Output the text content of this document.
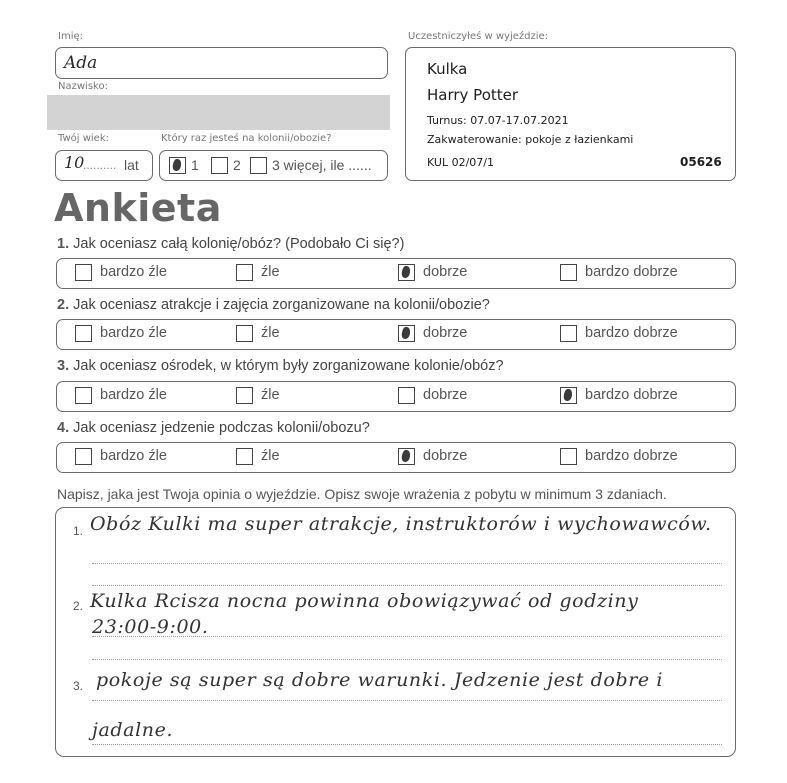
Imię:
Ada
Nazwisko:
Twój wiek:
10
.......... lat
Który raz jesteś na kolonii/obozie?
1 2 3 więcej, ile ......
Uczestniczyłeś w wyjeździe:
Kulka
Harry Potter
Turnus: 07.07-17.07.2021
Zakwaterowanie: pokoje z łazienkami
KUL 02/07/1	05626
Ankieta
1. Jak oceniasz całą kolonię/obóz? (Podobało Ci się?)
bardzo źle	źle	dobrze	bardzo dobrze
2. Jak oceniasz atrakcje i zajęcia zorganizowane na kolonii/obozie?
bardzo źle	źle	dobrze	bardzo dobrze
3. Jak oceniasz ośrodek, w którym były zorganizowane kolonie/obóz?
bardzo źle	źle	dobrze	bardzo dobrze
4. Jak oceniasz jedzenie podczas kolonii/obozu?
bardzo źle	źle	dobrze	bardzo dobrze
Napisz, jaka jest Twoja opinia o wyjeździe. Opisz swoje wrażenia z pobytu w minimum 3 zdaniach.
1. Obóz Kulki ma super atrakcje, instruktorów i wychowawców.
2. Kulka Rcisza nocna powinna obowiązywać od godziny
23:00-9:00.
3. pokoje są super są dobre warunki. Jedzenie jest dobre i
jadalne.
